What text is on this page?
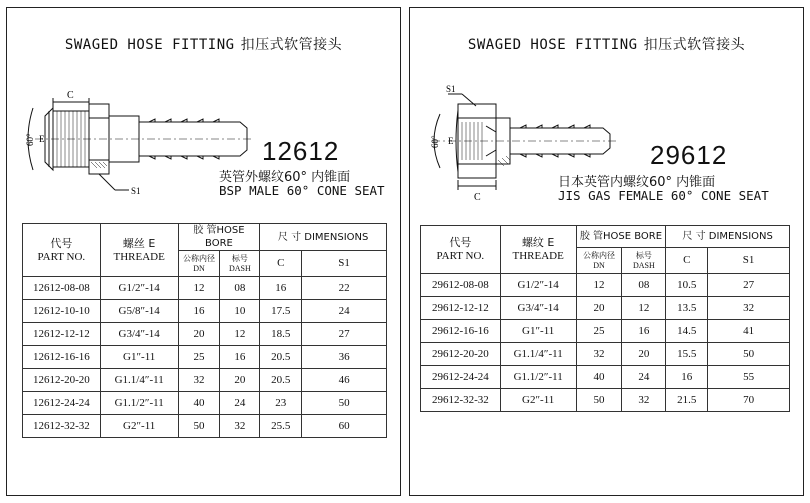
SWAGED HOSE FITTING 扣压式软管接头
C
E
S1
60°	12612
英管外螺纹60° 内锥面
BSP MALE 60° CONE SEAT
代号
PART NO.	螺丝 E
THREADE	胶 管HOSE BORE		尺 寸 DIMENSIONS	

		公称内径
DN	标号
DASH	C	S1
12612-08-08	G1/2″-14	12	08	16	22
12612-10-10	G5/8″-14	16	10	17.5	24
12612-12-12	G3/4″-14	20	12	18.5	27
12612-16-16	G1″-11	25	16	20.5	36
12612-20-20	G1.1/4″-11	32	20	20.5	46
12612-24-24	G1.1/2″-11	40	24	23	50
12612-32-32	G2″-11	50	32	25.5	60
SWAGED HOSE FITTING 扣压式软管接头
S1
E
C
60°	29612
日本英管内螺纹60° 内锥面
JIS GAS FEMALE 60° CONE SEAT
代号
PART NO.	螺纹 E
THREADE	胶 管HOSE BORE		尺 寸 DIMENSIONS	

		公称内径
DN	标号
DASH	C	S1
29612-08-08	G1/2″-14	12	08	10.5	27
29612-12-12	G3/4″-14	20	12	13.5	32
29612-16-16	G1″-11	25	16	14.5	41
29612-20-20	G1.1/4″-11	32	20	15.5	50
29612-24-24	G1.1/2″-11	40	24	16	55
29612-32-32	G2″-11	50	32	21.5	70
